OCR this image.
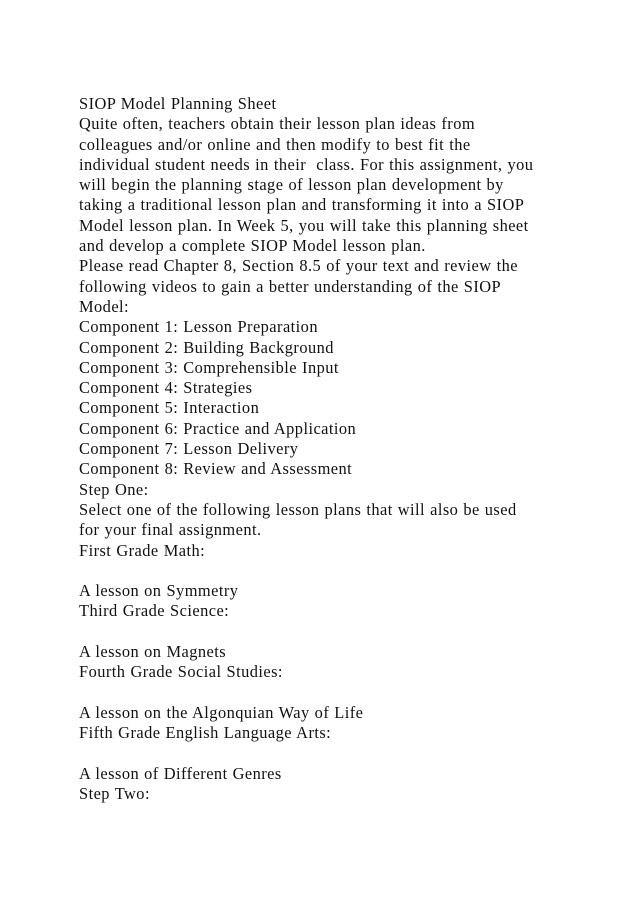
SIOP Model Planning Sheet
Quite often, teachers obtain their lesson plan ideas from
colleagues and/or online and then modify to best fit the
individual student needs in their  class. For this assignment, you
will begin the planning stage of lesson plan development by
taking a traditional lesson plan and transforming it into a SIOP
Model lesson plan. In Week 5, you will take this planning sheet
and develop a complete SIOP Model lesson plan.
Please read Chapter 8, Section 8.5 of your text and review the
following videos to gain a better understanding of the SIOP
Model:
Component 1: Lesson Preparation
Component 2: Building Background
Component 3: Comprehensible Input
Component 4: Strategies
Component 5: Interaction
Component 6: Practice and Application
Component 7: Lesson Delivery
Component 8: Review and Assessment
Step One:
Select one of the following lesson plans that will also be used
for your final assignment.
First Grade Math:
A lesson on Symmetry
Third Grade Science:
A lesson on Magnets
Fourth Grade Social Studies:
A lesson on the Algonquian Way of Life
Fifth Grade English Language Arts:
A lesson of Different Genres
Step Two:
